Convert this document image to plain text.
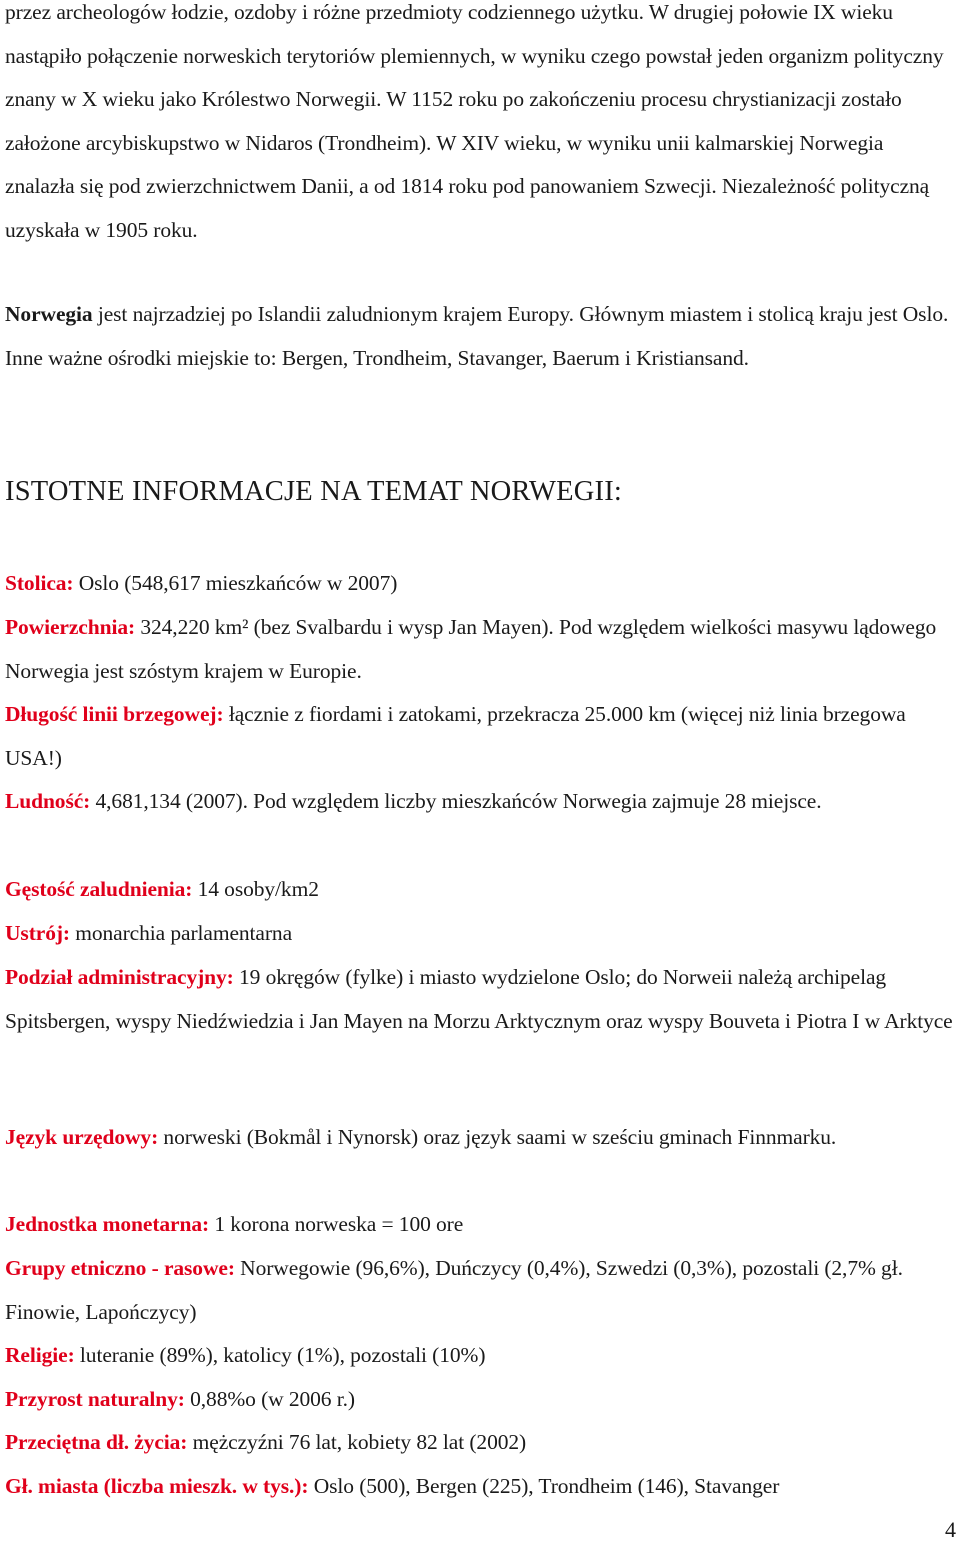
przez archeologów łodzie, ozdoby i różne przedmioty codziennego użytku. W drugiej połowie IX wieku nastąpiło połączenie norweskich terytoriów plemiennych, w wyniku czego powstał jeden organizm polityczny znany w X wieku jako Królestwo Norwegii. W 1152 roku po zakończeniu procesu chrystianizacji zostało założone arcybiskupstwo w Nidaros (Trondheim). W XIV wieku, w wyniku unii kalmarskiej Norwegia znalazła się pod zwierzchnictwem Danii, a od 1814 roku pod panowaniem Szwecji. Niezależność polityczną uzyskała w 1905 roku.

Norwegia jest najrzadziej po Islandii zaludnionym krajem Europy. Głównym miastem i stolicą kraju jest Oslo. Inne ważne ośrodki miejskie to: Bergen, Trondheim, Stavanger, Baerum i Kristiansand.

ISTOTNE INFORMACJE NA TEMAT NORWEGII:

Stolica: Oslo (548,617 mieszkańców w 2007)

Powierzchnia: 324,220 km² (bez Svalbardu i wysp Jan Mayen). Pod względem wielkości masywu lądowego Norwegia jest szóstym krajem w Europie.

Długość linii brzegowej: łącznie z fiordami i zatokami, przekracza 25.000 km (więcej niż linia brzegowa USA!)

Ludność: 4,681,134 (2007). Pod względem liczby mieszkańców Norwegia zajmuje 28 miejsce.

Gęstość zaludnienia: 14 osoby/km2

Ustrój: monarchia parlamentarna

Podział administracyjny: 19 okręgów (fylke) i miasto wydzielone Oslo; do Norweii należą archipelag Spitsbergen, wyspy Niedźwiedzia i Jan Mayen na Morzu Arktycznym oraz wyspy Bouveta i Piotra I w Arktyce

Język urzędowy: norweski (Bokmål i Nynorsk) oraz język saami w sześciu gminach Finnmarku.

Jednostka monetarna: 1 korona norweska = 100 ore

Grupy etniczno - rasowe: Norwegowie (96,6%), Duńczycy (0,4%), Szwedzi (0,3%), pozostali (2,7% gł. Finowie, Lapończycy)

Religie: luteranie (89%), katolicy (1%), pozostali (10%)

Przyrost naturalny: 0,88%o (w 2006 r.)

Przeciętna dł. życia: mężczyźni 76 lat, kobiety 82 lat (2002)

Gł. miasta (liczba mieszk. w tys.): Oslo (500), Bergen (225), Trondheim (146), Stavanger

4
